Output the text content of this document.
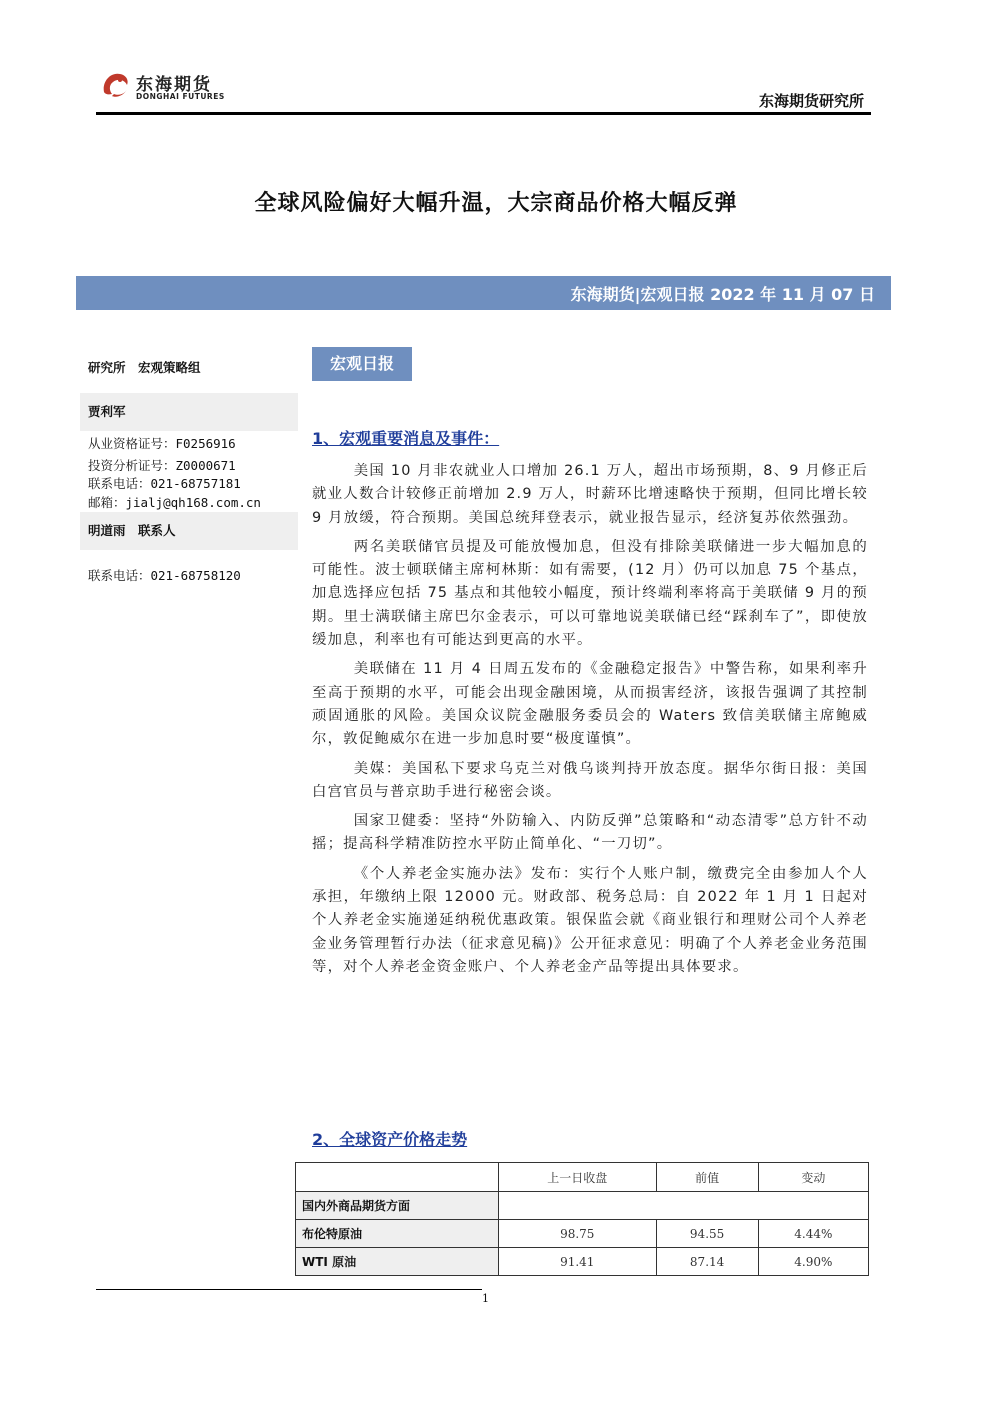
东海期货
DONGHAI FUTURES	东海期货研究所
全球风险偏好大幅升温，大宗商品价格大幅反弹
东海期货|宏观日报 2022 年 11 月 07 日
研究所　宏观策略组
贾利军
从业资格证号：F0256916
投资分析证号：Z0000671
联系电话：021-68757181
邮箱：jialj@qh168.com.cn
明道雨　联系人
联系电话：021-68758120
宏观日报
1、宏观重要消息及事件：

美国 10 月非农就业人口增加 26.1 万人，超出市场预期，8、9 月修正后就业人数合计较修正前增加 2.9 万人，时薪环比增速略快于预期，但同比增长较 9 月放缓，符合预期。美国总统拜登表示，就业报告显示，经济复苏依然强劲。

两名美联储官员提及可能放慢加息，但没有排除美联储进一步大幅加息的可能性。波士顿联储主席柯林斯：如有需要，(12 月）仍可以加息 75 个基点，加息选择应包括 75 基点和其他较小幅度，预计终端利率将高于美联储 9 月的预期。里士满联储主席巴尔金表示，可以可靠地说美联储已经“踩刹车了”，即使放缓加息，利率也有可能达到更高的水平。

美联储在 11 月 4 日周五发布的《金融稳定报告》中警告称，如果利率升至高于预期的水平，可能会出现金融困境，从而损害经济，该报告强调了其控制顽固通胀的风险。美国众议院金融服务委员会的 Waters 致信美联储主席鲍威尔，敦促鲍威尔在进一步加息时要“极度谨慎”。

美媒：美国私下要求乌克兰对俄乌谈判持开放态度。据华尔街日报：美国白宫官员与普京助手进行秘密会谈。

国家卫健委：坚持“外防输入、内防反弹”总策略和“动态清零”总方针不动摇；提高科学精准防控水平防止简单化、“一刀切”。

《个人养老金实施办法》发布：实行个人账户制，缴费完全由参加人个人承担，年缴纳上限 12000 元。财政部、税务总局：自 2022 年 1 月 1 日起对个人养老金实施递延纳税优惠政策。银保监会就《商业银行和理财公司个人养老金业务管理暂行办法（征求意见稿)》公开征求意见：明确了个人养老金业务范围等，对个人养老金资金账户、个人养老金产品等提出具体要求。

2、全球资产价格走势
	上一日收盘	前值	变动
国内外商品期货方面			
布伦特原油	98.75	94.55	4.44%
WTI 原油	91.41	87.14	4.90%
1
